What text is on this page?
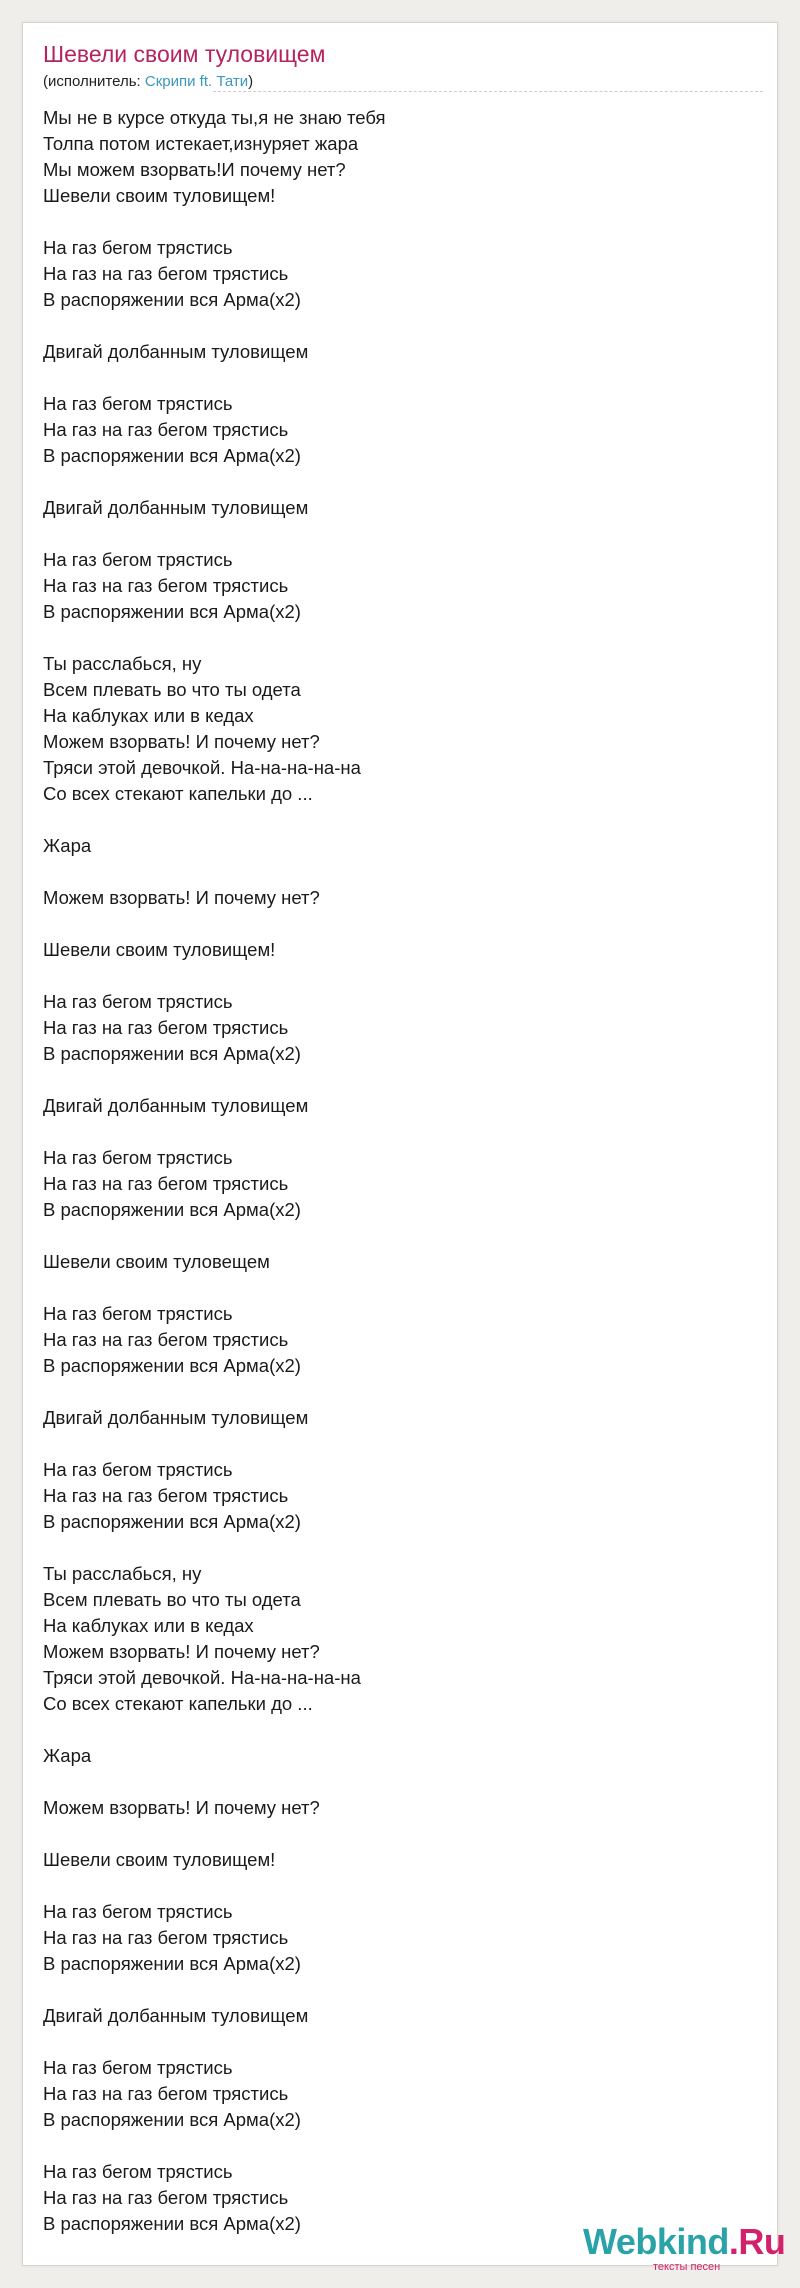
Шевели своим туловищем
(исполнитель: Скрипи ft. Тати)
Мы не в курсе откуда ты,я не знаю тебя
Толпа потом истекает,изнуряет жара
Мы можем взорвать!И почему нет?
Шевели своим туловищем!
На газ бегом трястись
На газ на газ бегом трястись
В распоряжении вся Арма(х2)
Двигай долбанным туловищем
На газ бегом трястись
На газ на газ бегом трястись
В распоряжении вся Арма(х2)
Двигай долбанным туловищем
На газ бегом трястись
На газ на газ бегом трястись
В распоряжении вся Арма(х2)
Ты расслабься, ну
Всем плевать во что ты одета
На каблуках или в кедах
Можем взорвать! И почему нет?
Тряси этой девочкой. На-на-на-на-на
Со всех стекают капельки до ...
Жара
Можем взорвать! И почему нет?
Шевели своим туловищем!
На газ бегом трястись
На газ на газ бегом трястись
В распоряжении вся Арма(х2)
Двигай долбанным туловищем
На газ бегом трястись
На газ на газ бегом трястись
В распоряжении вся Арма(х2)
Шевели своим туловещем
На газ бегом трястись
На газ на газ бегом трястись
В распоряжении вся Арма(х2)
Двигай долбанным туловищем
На газ бегом трястись
На газ на газ бегом трястись
В распоряжении вся Арма(х2)
Ты расслабься, ну
Всем плевать во что ты одета
На каблуках или в кедах
Можем взорвать! И почему нет?
Тряси этой девочкой. На-на-на-на-на
Со всех стекают капельки до ...
Жара
Можем взорвать! И почему нет?
Шевели своим туловищем!
На газ бегом трястись
На газ на газ бегом трястись
В распоряжении вся Арма(х2)
Двигай долбанным туловищем
На газ бегом трястись
На газ на газ бегом трястись
В распоряжении вся Арма(х2)
На газ бегом трястись
На газ на газ бегом трястись
В распоряжении вся Арма(х2)	Webkind.Ru
тексты песен
